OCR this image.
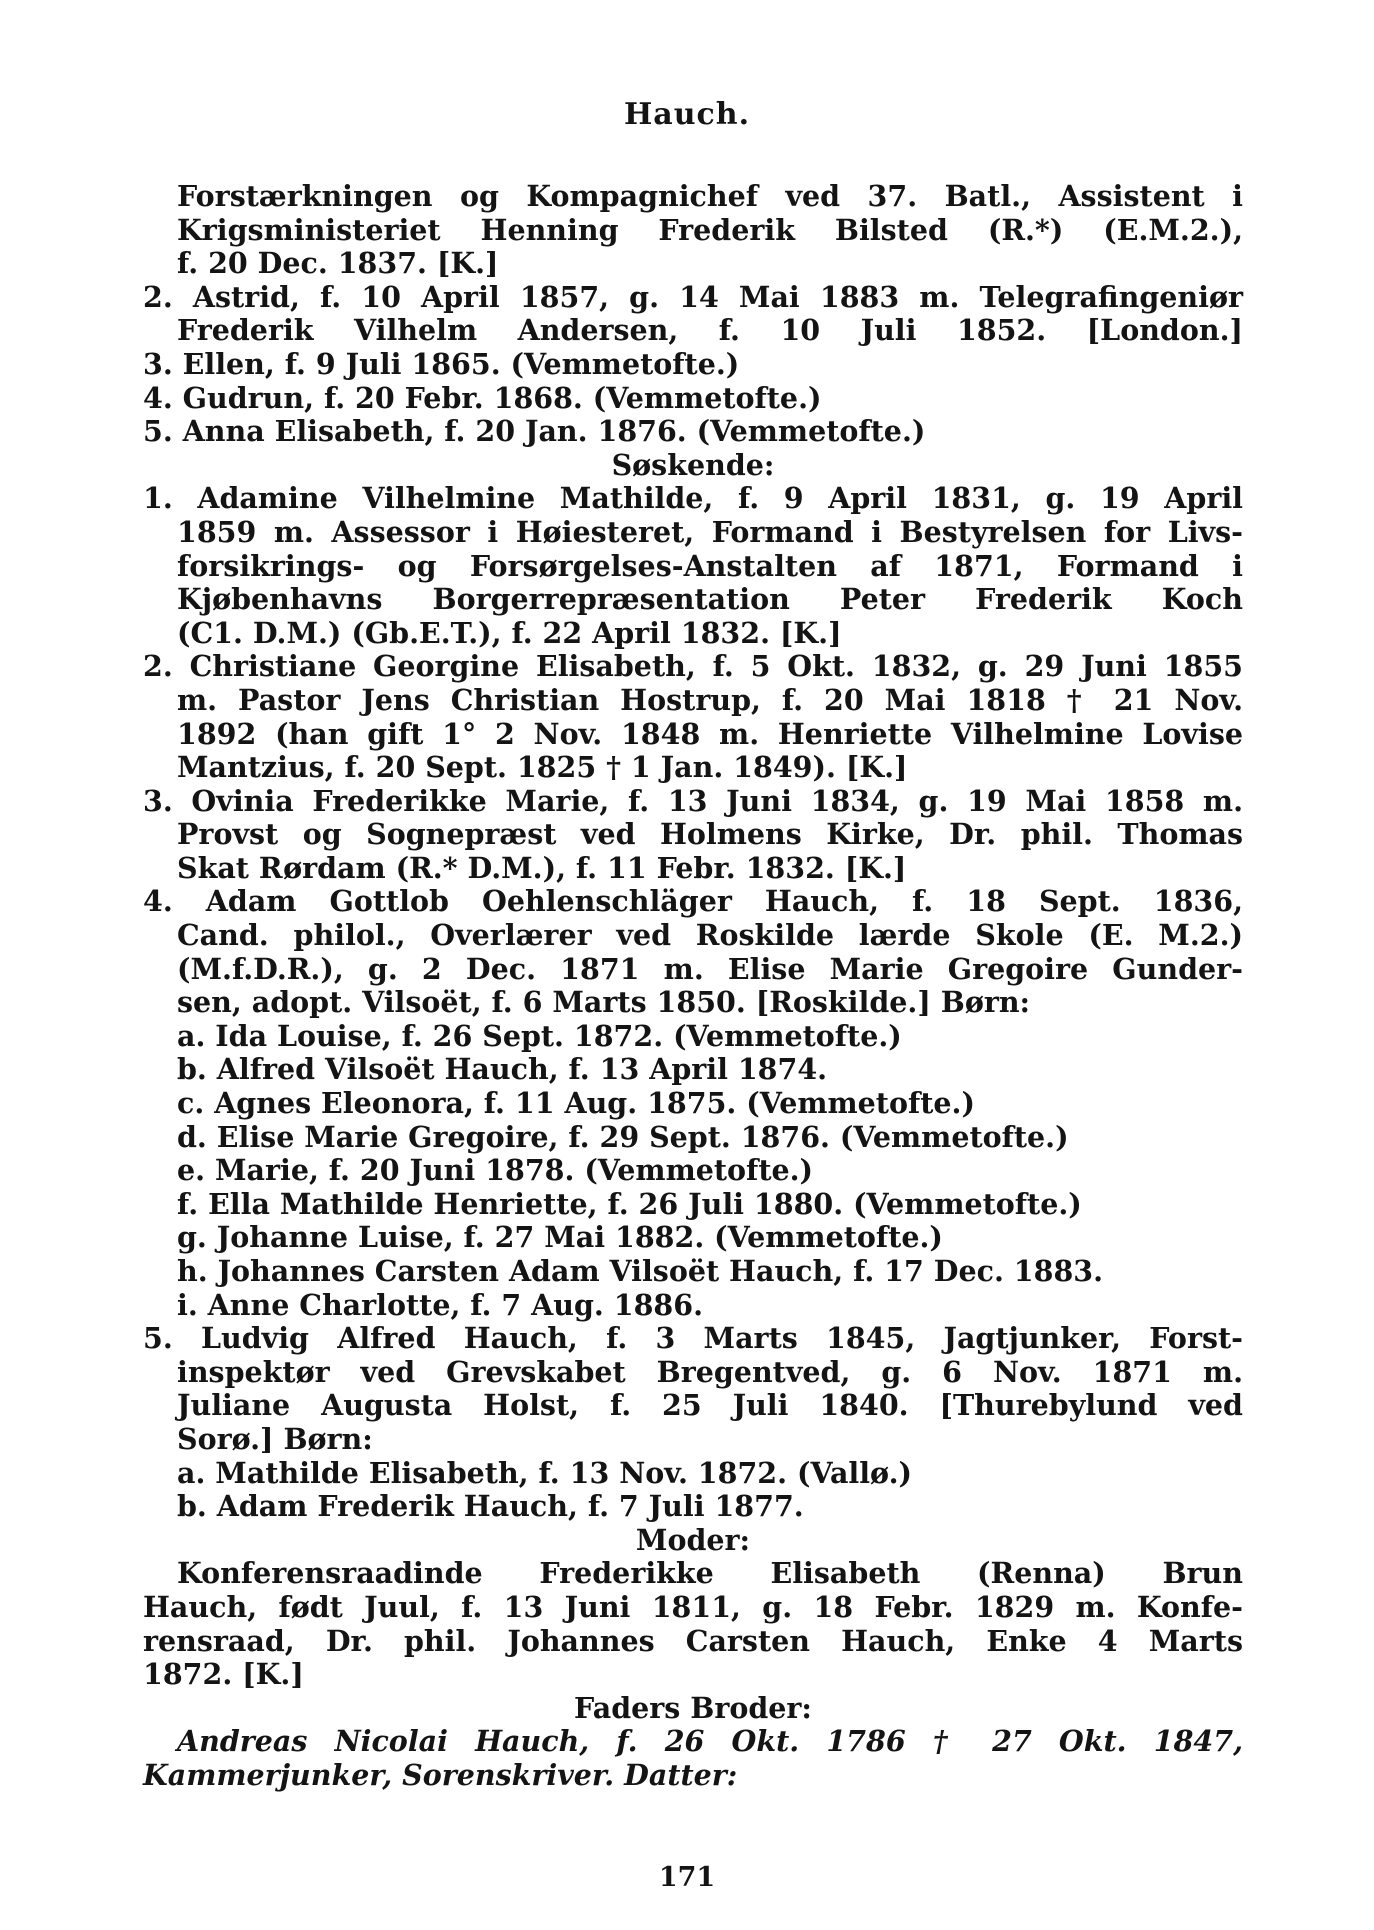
Hauch.
Forstærkningen og Kompagnichef ved 37. Batl., Assistent i
Krigsministeriet Henning Frederik Bilsted (R.*) (E.M.2.),
f. 20 Dec. 1837. [K.]
2. Astrid, f. 10 April 1857, g. 14 Mai 1883 m. Telegrafingeniør
Frederik Vilhelm Andersen, f. 10 Juli 1852. [London.]
3. Ellen, f. 9 Juli 1865. (Vemmetofte.)
4. Gudrun, f. 20 Febr. 1868. (Vemmetofte.)
5. Anna Elisabeth, f. 20 Jan. 1876. (Vemmetofte.)
Søskende:
1. Adamine Vilhelmine Mathilde, f. 9 April 1831, g. 19 April
1859 m. Assessor i Høiesteret, Formand i Bestyrelsen for Livs-
forsikrings- og Forsørgelses-Anstalten af 1871, Formand i
Kjøbenhavns Borgerrepræsentation Peter Frederik Koch
(C1. D.M.) (Gb.E.T.), f. 22 April 1832. [K.]
2. Christiane Georgine Elisabeth, f. 5 Okt. 1832, g. 29 Juni 1855
m. Pastor Jens Christian Hostrup, f. 20 Mai 1818 † 21 Nov.
1892 (han gift 1° 2 Nov. 1848 m. Henriette Vilhelmine Lovise
Mantzius, f. 20 Sept. 1825 † 1 Jan. 1849). [K.]
3. Ovinia Frederikke Marie, f. 13 Juni 1834, g. 19 Mai 1858 m.
Provst og Sognepræst ved Holmens Kirke, Dr. phil. Thomas
Skat Rørdam (R.* D.M.), f. 11 Febr. 1832. [K.]
4. Adam Gottlob Oehlenschläger Hauch, f. 18 Sept. 1836,
Cand. philol., Overlærer ved Roskilde lærde Skole (E. M.2.)
(M.f.D.R.), g. 2 Dec. 1871 m. Elise Marie Gregoire Gunder-
sen, adopt. Vilsoët, f. 6 Marts 1850. [Roskilde.] Børn:
a. Ida Louise, f. 26 Sept. 1872. (Vemmetofte.)
b. Alfred Vilsoët Hauch, f. 13 April 1874.
c. Agnes Eleonora, f. 11 Aug. 1875. (Vemmetofte.)
d. Elise Marie Gregoire, f. 29 Sept. 1876. (Vemmetofte.)
e. Marie, f. 20 Juni 1878. (Vemmetofte.)
f. Ella Mathilde Henriette, f. 26 Juli 1880. (Vemmetofte.)
g. Johanne Luise, f. 27 Mai 1882. (Vemmetofte.)
h. Johannes Carsten Adam Vilsoët Hauch, f. 17 Dec. 1883.
i. Anne Charlotte, f. 7 Aug. 1886.
5. Ludvig Alfred Hauch, f. 3 Marts 1845, Jagtjunker, Forst-
inspektør ved Grevskabet Bregentved, g. 6 Nov. 1871 m.
Juliane Augusta Holst, f. 25 Juli 1840. [Thurebylund ved
Sorø.] Børn:
a. Mathilde Elisabeth, f. 13 Nov. 1872. (Vallø.)
b. Adam Frederik Hauch, f. 7 Juli 1877.
Moder:
Konferensraadinde Frederikke Elisabeth (Renna) Brun
Hauch, født Juul, f. 13 Juni 1811, g. 18 Febr. 1829 m. Konfe-
rensraad, Dr. phil. Johannes Carsten Hauch, Enke 4 Marts
1872. [K.]
Faders Broder:
Andreas Nicolai Hauch, f. 26 Okt. 1786 † 27 Okt. 1847,
Kammerjunker, Sorenskriver. Datter:
171
